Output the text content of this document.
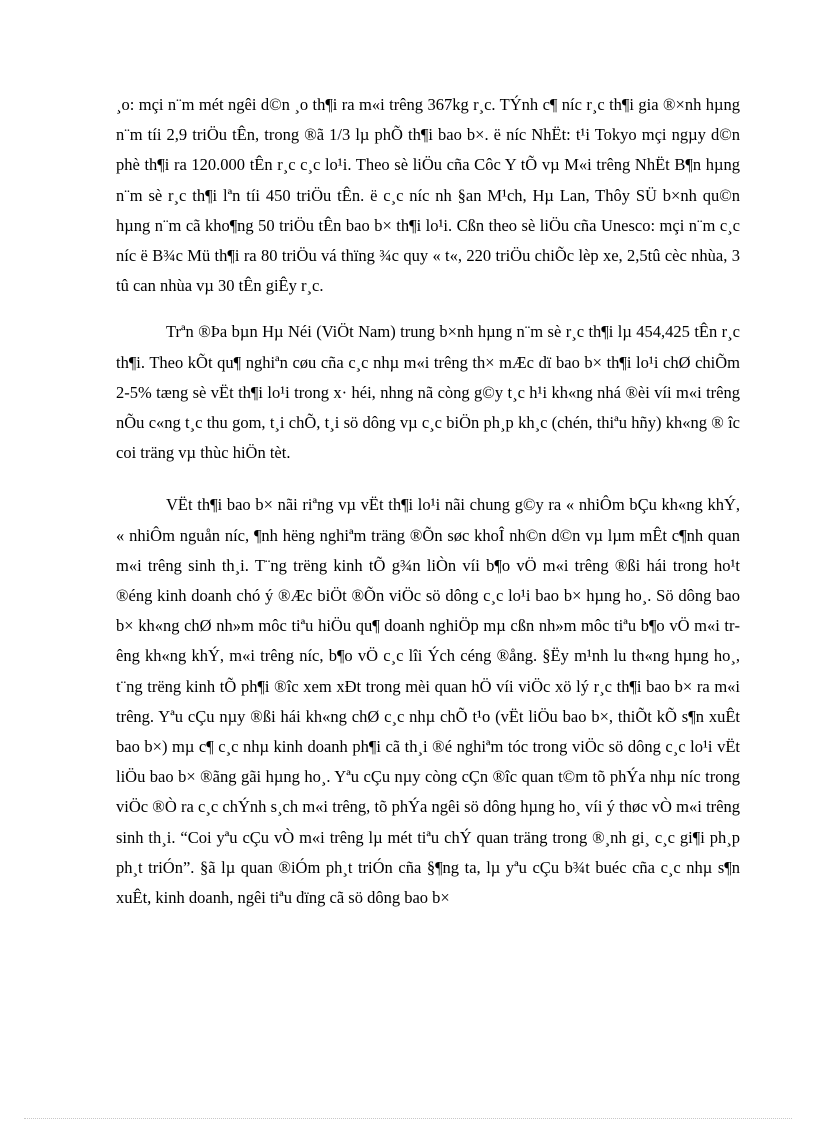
¸o: mçi n¨m mét ngêi d©n ¸o th¶i ra m«i trêng 367kg r¸c. TÝnh c¶ níc r¸c th¶i gia ®×nh hµng n¨m tíi 2,9 triÖu tÊn, trong ®ã 1/3 lµ phÕ th¶i bao b×. ë níc NhËt: t¹i Tokyo mçi ngµy d©n phè th¶i ra 120.000 tÊn r¸c c¸c lo¹i. Theo sè liÖu cña Côc Y tÕ vµ M«i trêng NhËt B¶n hµng n¨m sè r¸c th¶i lªn tíi 450 triÖu tÊn. ë c¸c níc nh §an M¹ch, Hµ Lan, Thôy SÜ b×nh qu©n hµng n¨m cã kho¶ng 50 triÖu tÊn bao b× th¶i lo¹i. Cßn theo sè liÖu cña Unesco: mçi n¨m c¸c níc ë B¾c Mü th¶i ra 80 triÖu vá thïng ¾c quy « t«, 220 triÖu chiÕc lèp xe, 2,5tû cèc nhùa, 3 tû can nhùa vµ 30 tÊn giÊy r¸c.

Trªn ®Þa bµn Hµ Néi (ViÖt Nam) trung b×nh hµng n¨m sè r¸c th¶i lµ 454,425 tÊn r¸c th¶i. Theo kÕt qu¶ nghiªn cøu cña c¸c nhµ m«i trêng th× mÆc dï bao b× th¶i lo¹i chØ chiÕm 2-5% tæng sè vËt th¶i lo¹i trong x· héi, nhng nã còng g©y t¸c h¹i kh«ng nhá ®èi víi m«i trêng nÕu c«ng t¸c thu gom, t¸i chÕ, t¸i sö dông vµ c¸c biÖn ph¸p kh¸c (chén, thiªu hñy) kh«ng ® îc coi träng vµ thùc hiÖn tèt.

VËt th¶i bao b× nãi riªng vµ vËt th¶i lo¹i nãi chung g©y ra « nhiÔm bÇu kh«ng khÝ, « nhiÔm nguån níc, ¶nh hëng nghiªm träng ®Õn søc khoÎ nh©n d©n vµ lµm mÊt c¶nh quan m«i trêng sinh th¸i. T¨ng trëng kinh tÕ g¾n liÒn víi b¶o vÖ m«i trêng ®ßi hái trong ho¹t ®éng kinh doanh chó ý ®Æc biÖt ®Õn viÖc sö dông c¸c lo¹i bao b× hµng ho¸. Sö dông bao b× kh«ng chØ nh»m môc tiªu hiÖu qu¶ doanh nghiÖp mµ cßn nh»m môc tiªu b¶o vÖ m«i trêng kh«ng khÝ, m«i trêng níc, b¶o vÖ c¸c lîi Ých céng ®ång. §Ëy m¹nh lu th«ng hµng ho¸, t¨ng trëng kinh tÕ ph¶i ®îc xem xÐt trong mèi quan hÖ víi viÖc xö lý r¸c th¶i bao b× ra m«i trêng. Yªu cÇu nµy ®ßi hái kh«ng chØ c¸c nhµ chÕ t¹o (vËt liÖu bao b×, thiÕt kÕ s¶n xuÊt bao b×) mµ c¶ c¸c nhµ kinh doanh ph¶i cã th¸i ®é nghiªm tóc trong viÖc sö dông c¸c lo¹i vËt liÖu bao b× ®ãng gãi hµng ho¸. Yªu cÇu nµy còng cÇn ®îc quan t©m tõ phÝa nhµ níc trong viÖc ®Ò ra c¸c chÝnh s¸ch m«i trêng, tõ phÝa ngêi sö dông hµng ho¸ víi ý thøc vÒ m«i trêng sinh th¸i. “Coi yªu cÇu vÒ m«i trêng lµ mét tiªu chÝ quan träng trong ®¸nh gi¸ c¸c gi¶i ph¸p ph¸t triÓn”. §ã lµ quan ®iÓm ph¸t triÓn cña §¶ng ta, lµ yªu cÇu b¾t buéc cña c¸c nhµ s¶n xuÊt, kinh doanh, ngêi tiªu dïng cã sö dông bao b×
